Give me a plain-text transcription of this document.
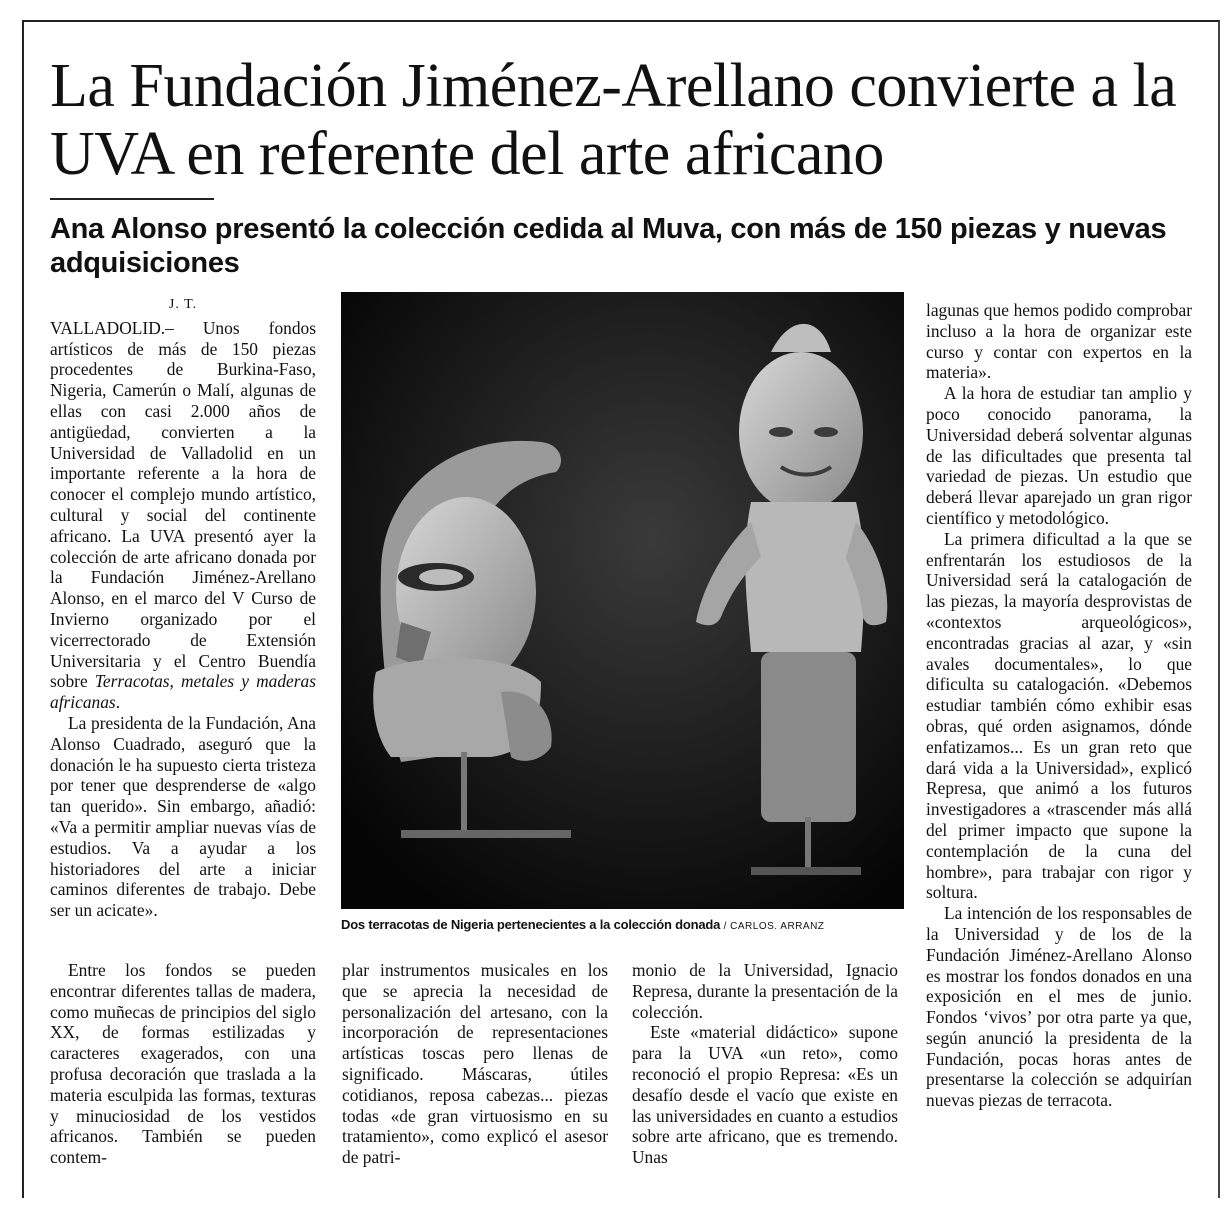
La Fundación Jiménez-Arellano convierte a la UVA en referente del arte africano
Ana Alonso presentó la colección cedida al Muva, con más de 150 piezas y nuevas adquisiciones
J. T.

VALLADOLID.– Unos fondos artísticos de más de 150 piezas procedentes de Burkina-Faso, Nigeria, Camerún o Malí, algunas de ellas con casi 2.000 años de antigüedad, convierten a la Universidad de Valladolid en un importante referente a la hora de conocer el complejo mundo artístico, cultural y social del continente africano. La UVA presentó ayer la colección de arte africano donada por la Fundación Jiménez-Arellano Alonso, en el marco del V Curso de Invierno organizado por el vicerrectorado de Extensión Universitaria y el Centro Buendía sobre Terracotas, metales y maderas africanas.

La presidenta de la Fundación, Ana Alonso Cuadrado, aseguró que la donación le ha supuesto cierta tristeza por tener que desprenderse de «algo tan querido». Sin embargo, añadió: «Va a permitir ampliar nuevas vías de estudios. Va a ayudar a los historiadores del arte a iniciar caminos diferentes de trabajo. Debe ser un acicate».

Dos terracotas de Nigeria pertenecientes a la colección donada / CARLOS. ARRANZ

Entre los fondos se pueden encontrar diferentes tallas de madera, como muñecas de principios del siglo XX, de formas estilizadas y caracteres exagerados, con una profusa decoración que traslada a la materia esculpida las formas, texturas y minuciosidad de los vestidos africanos. También se pueden contem-

plar instrumentos musicales en los que se aprecia la necesidad de personalización del artesano, con la incorporación de representaciones artísticas toscas pero llenas de significado. Máscaras, útiles cotidianos, reposa cabezas... piezas todas «de gran virtuosismo en su tratamiento», como explicó el asesor de patri-

monio de la Universidad, Ignacio Represa, durante la presentación de la colección.

Este «material didáctico» supone para la UVA «un reto», como reconoció el propio Represa: «Es un desafío desde el vacío que existe en las universidades en cuanto a estudios sobre arte africano, que es tremendo. Unas

lagunas que hemos podido comprobar incluso a la hora de organizar este curso y contar con expertos en la materia».

A la hora de estudiar tan amplio y poco conocido panorama, la Universidad deberá solventar algunas de las dificultades que presenta tal variedad de piezas. Un estudio que deberá llevar aparejado un gran rigor científico y metodológico.

La primera dificultad a la que se enfrentarán los estudiosos de la Universidad será la catalogación de las piezas, la mayoría desprovistas de «contextos arqueológicos», encontradas gracias al azar, y «sin avales documentales», lo que dificulta su catalogación. «Debemos estudiar también cómo exhibir esas obras, qué orden asignamos, dónde enfatizamos... Es un gran reto que dará vida a la Universidad», explicó Represa, que animó a los futuros investigadores a «trascender más allá del primer impacto que supone la contemplación de la cuna del hombre», para trabajar con rigor y soltura.

La intención de los responsables de la Universidad y de los de la Fundación Jiménez-Arellano Alonso es mostrar los fondos donados en una exposición en el mes de junio. Fondos ‘vivos’ por otra parte ya que, según anunció la presidenta de la Fundación, pocas horas antes de presentarse la colección se adquirían nuevas piezas de terracota.
